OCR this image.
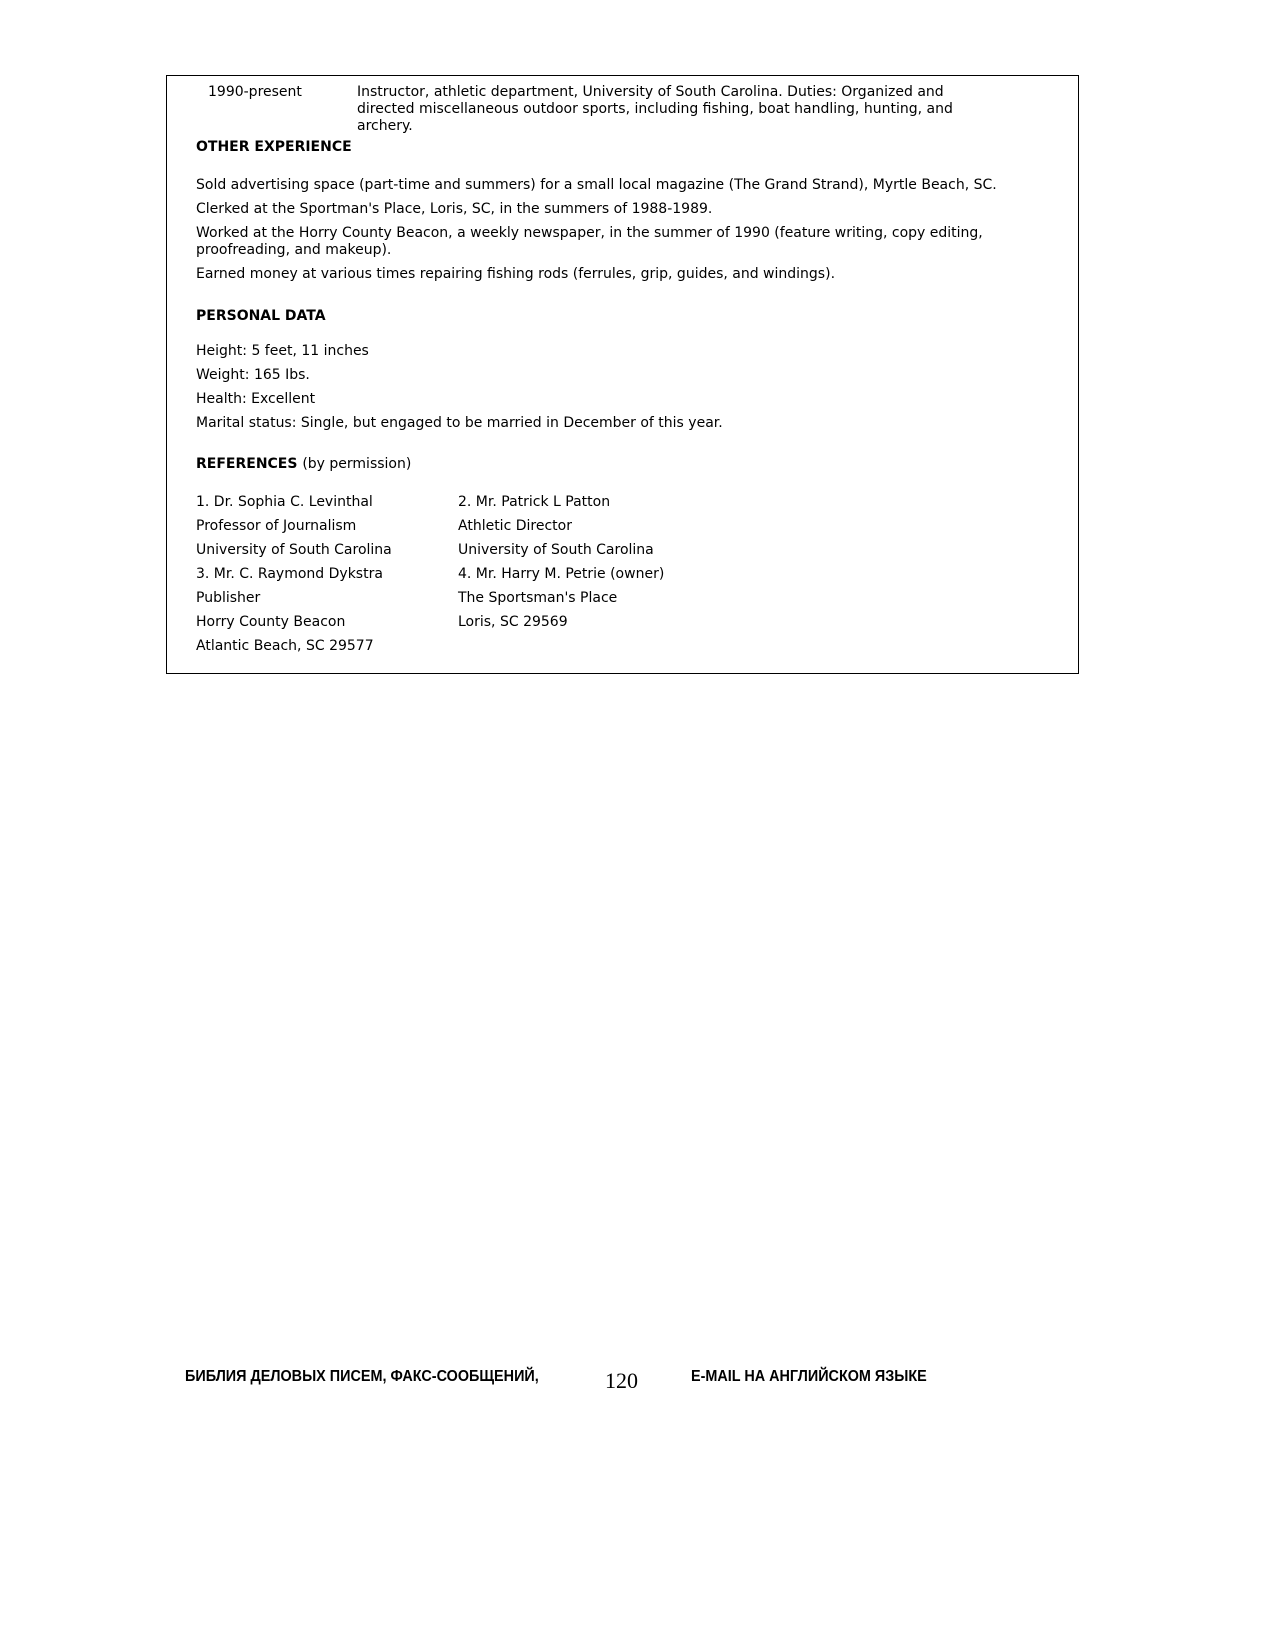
1990-present	Instructor, athletic department, University of South Carolina. Duties: Organized and directed miscellaneous outdoor sports, including fishing, boat handling, hunting, and archery.

OTHER EXPERIENCE

Sold advertising space (part-time and summers) for a small local magazine (The Grand Strand), Myrtle Beach, SC.

Clerked at the Sportman's Place, Loris, SC, in the summers of 1988-1989.

Worked at the Horry County Beacon, a weekly newspaper, in the summer of 1990 (feature writing, copy editing, proofreading, and makeup).

Earned money at various times repairing fishing rods (ferrules, grip, guides, and windings).

PERSONAL DATA

Height: 5 feet, 11 inches

Weight: 165 Ibs.

Health: Excellent

Marital status: Single, but engaged to be married in December of this year.

REFERENCES (by permission)

1. Dr. Sophia C. Levinthal

Professor of Journalism

University of South Carolina

3. Mr. C. Raymond Dykstra

Publisher

Horry County Beacon

Atlantic Beach, SC 29577

2. Mr. Patrick L Patton

Athletic Director

University of South Carolina

4. Mr. Harry M. Petrie (owner)

The Sportsman's Place

Loris, SC 29569

БИБЛИЯ ДЕЛОВЫХ ПИСЕМ, ФАКС-СООБЩЕНИЙ,	120	E-MAIL НА АНГЛИЙСКОМ ЯЗЫКЕ
